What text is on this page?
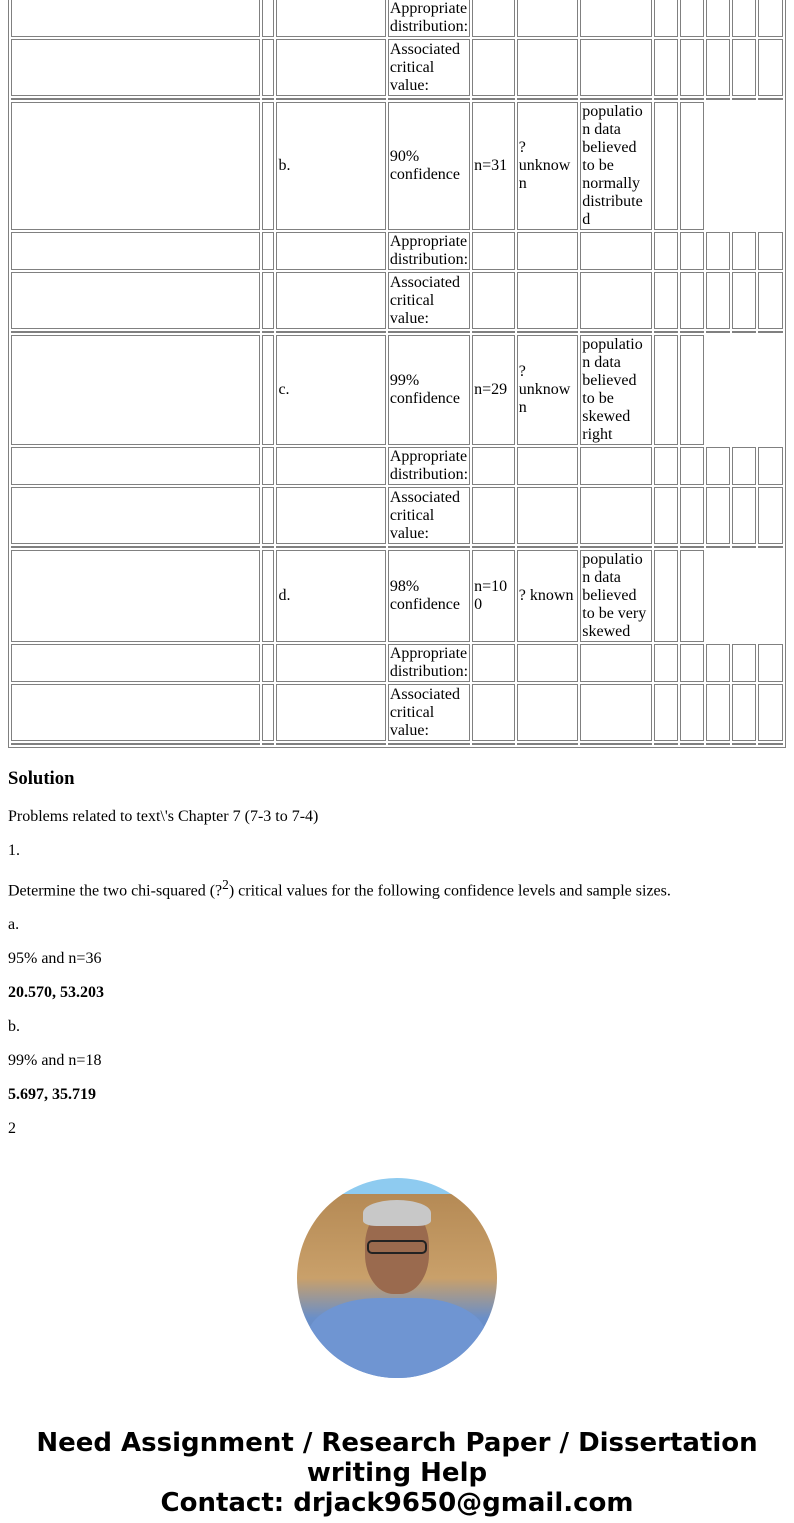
			Appropriate distribution:								
			Associated critical value:								

		b.	90% confidence	n=31	? unknown	population data believed to be normally distributed					
			Appropriate distribution:								
			Associated critical value:								

		c.	99% confidence	n=29	? unknown	population data believed to be skewed right					
			Appropriate distribution:								
			Associated critical value:								

		d.	98% confidence	n=100	? known	population data believed to be very skewed					
			Appropriate distribution:								
			Associated critical value:								

Solution

Problems related to text\'s Chapter 7 (7-3 to 7-4)

1.

Determine the two chi-squared (?$^2$) critical values for the following confidence levels and sample sizes.

a.

95% and n=36

20.570, 53.203

b.

99% and n=18

5.697, 35.719

2

Need Assignment / Research Paper / Dissertation writing Help
Contact: drjack9650@gmail.com
